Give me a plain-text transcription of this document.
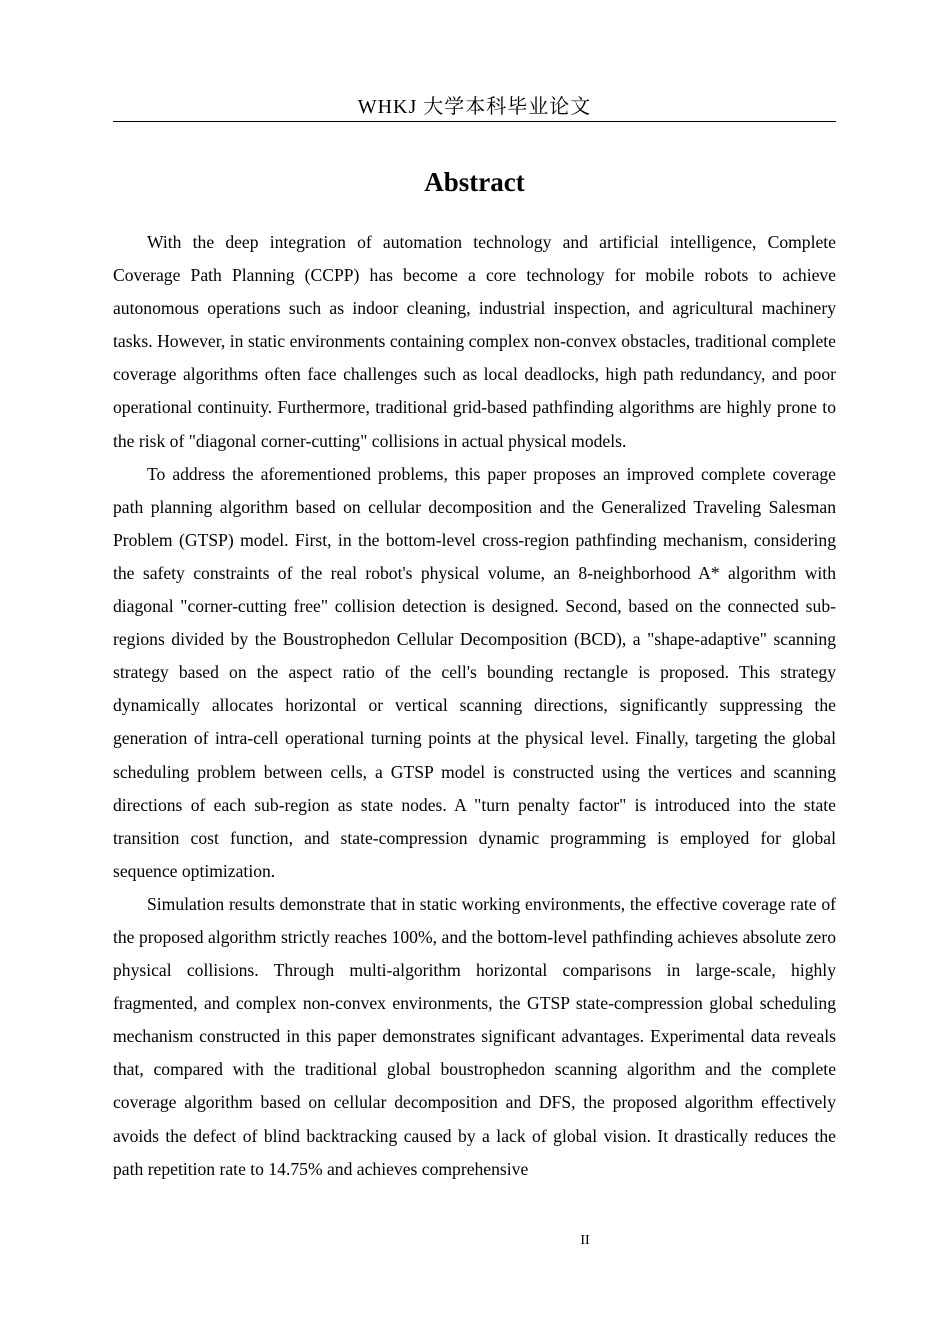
WHKJ 大学本科毕业论文
Abstract

With the deep integration of automation technology and artificial intelligence, Complete Coverage Path Planning (CCPP) has become a core technology for mobile robots to achieve autonomous operations such as indoor cleaning, industrial inspection, and agricultural machinery tasks. However, in static environments containing complex non-convex obstacles, traditional complete coverage algorithms often face challenges such as local deadlocks, high path redundancy, and poor operational continuity. Furthermore, traditional grid-based pathfinding algorithms are highly prone to the risk of "diagonal corner-cutting" collisions in actual physical models.

To address the aforementioned problems, this paper proposes an improved complete coverage path planning algorithm based on cellular decomposition and the Generalized Traveling Salesman Problem (GTSP) model. First, in the bottom-level cross-region pathfinding mechanism, considering the safety constraints of the real robot's physical volume, an 8-neighborhood A* algorithm with diagonal "corner-cutting free" collision detection is designed. Second, based on the connected sub-regions divided by the Boustrophedon Cellular Decomposition (BCD), a "shape-adaptive" scanning strategy based on the aspect ratio of the cell's bounding rectangle is proposed. This strategy dynamically allocates horizontal or vertical scanning directions, significantly suppressing the generation of intra-cell operational turning points at the physical level. Finally, targeting the global scheduling problem between cells, a GTSP model is constructed using the vertices and scanning directions of each sub-region as state nodes. A "turn penalty factor" is introduced into the state transition cost function, and state-compression dynamic programming is employed for global sequence optimization.

Simulation results demonstrate that in static working environments, the effective coverage rate of the proposed algorithm strictly reaches 100%, and the bottom-level pathfinding achieves absolute zero physical collisions. Through multi-algorithm horizontal comparisons in large-scale, highly fragmented, and complex non-convex environments, the GTSP state-compression global scheduling mechanism constructed in this paper demonstrates significant advantages. Experimental data reveals that, compared with the traditional global boustrophedon scanning algorithm and the complete coverage algorithm based on cellular decomposition and DFS, the proposed algorithm effectively avoids the defect of blind backtracking caused by a lack of global vision. It drastically reduces the path repetition rate to 14.75% and achieves comprehensive

II
